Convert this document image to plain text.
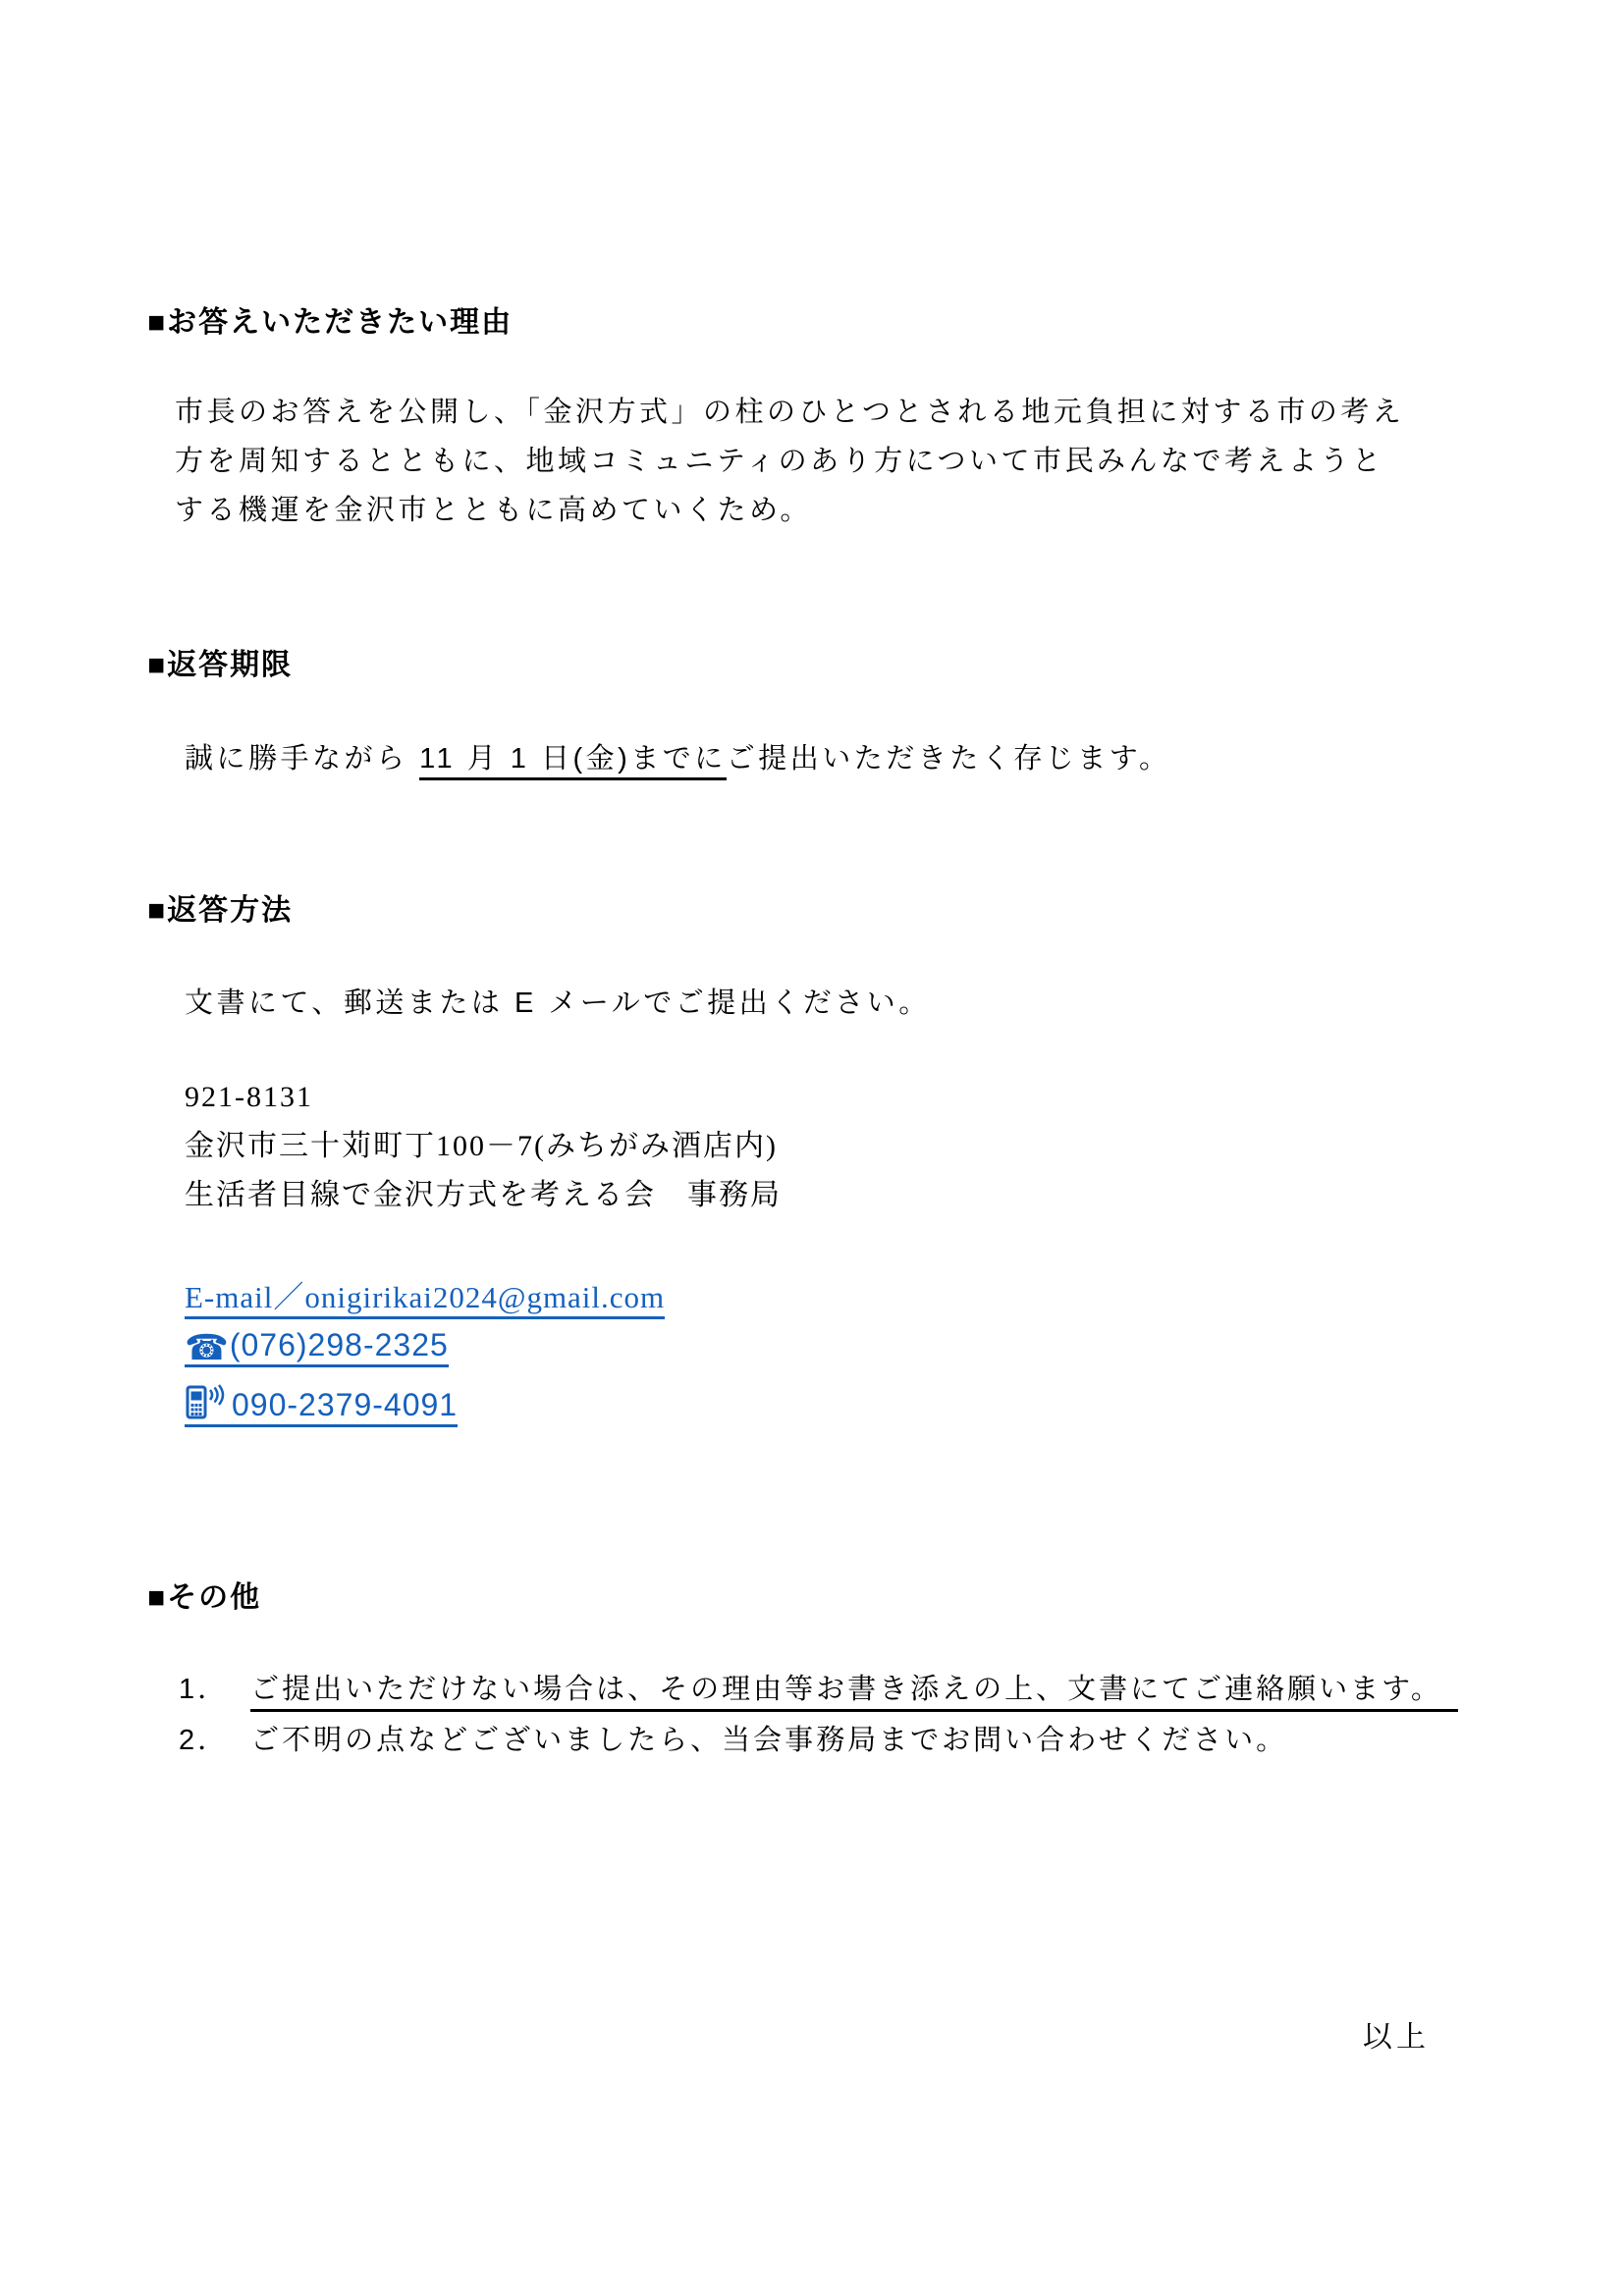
■お答えいただきたい理由
市長のお答えを公開し、「金沢方式」の柱のひとつとされる地元負担に対する市の考え
方を周知するとともに、地域コミュニティのあり方について市民みんなで考えようと
する機運を金沢市とともに高めていくため。
■返答期限
誠に勝手ながら 11 月 1 日(金)までにご提出いただきたく存じます。
■返答方法
文書にて、郵送または E メールでご提出ください。
921-8131
金沢市三十苅町丁100－7(みちがみ酒店内)
生活者目線で金沢方式を考える会　事務局
E-mail／onigirikai2024@gmail.com
☎(076)298-2325
090-2379-4091
■その他
1． ご提出いただけない場合は、その理由等お書き添えの上、文書にてご連絡願います。
2． ご不明の点などございましたら、当会事務局までお問い合わせください。
以上
